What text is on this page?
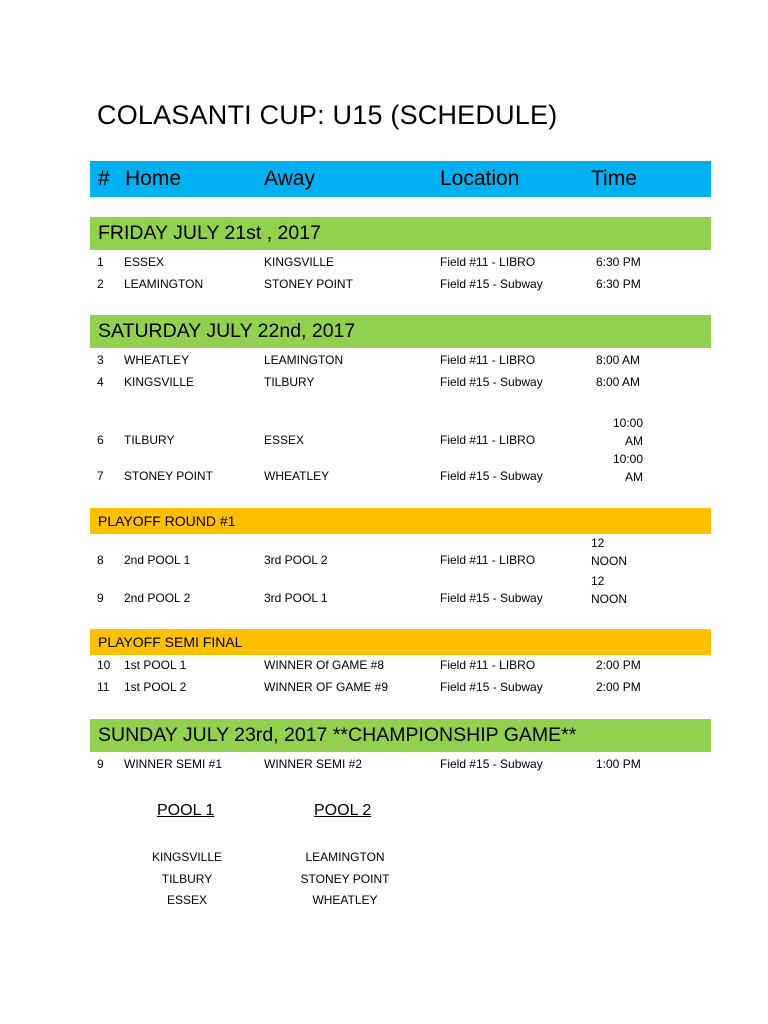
COLASANTI CUP: U15 (SCHEDULE)
# Home	Away	Location	Time
FRIDAY JULY 21st , 2017
1 ESSEX	KINGSVILLE	Field #11 - LIBRO	6:30 PM
2 LEAMINGTON	STONEY POINT	Field #15 - Subway	6:30 PM
SATURDAY JULY 22nd, 2017
3 WHEATLEY	LEAMINGTON	Field #11 - LIBRO	8:00 AM
4 KINGSVILLE	TILBURY	Field #15 - Subway	8:00 AM
6 TILBURY	ESSEX	Field #11 - LIBRO
10:00
AM
7 STONEY POINT	WHEATLEY	Field #15 - Subway
10:00
AM
PLAYOFF ROUND #1
8 2nd POOL 1	3rd POOL 2	Field #11 - LIBRO
12
NOON
9 2nd POOL 2	3rd POOL 1	Field #15 - Subway
12
NOON
PLAYOFF SEMI FINAL
10 1st POOL 1	WINNER Of GAME #8	Field #11 - LIBRO	2:00 PM
11 1st POOL 2	WINNER OF GAME #9	Field #15 - Subway	2:00 PM
SUNDAY JULY 23rd, 2017 **CHAMPIONSHIP GAME**
9 WINNER SEMI #1	WINNER SEMI #2	Field #15 - Subway	1:00 PM
POOL 1
KINGSVILLE
TILBURY
ESSEX
POOL 2
LEAMINGTON
STONEY POINT
WHEATLEY
